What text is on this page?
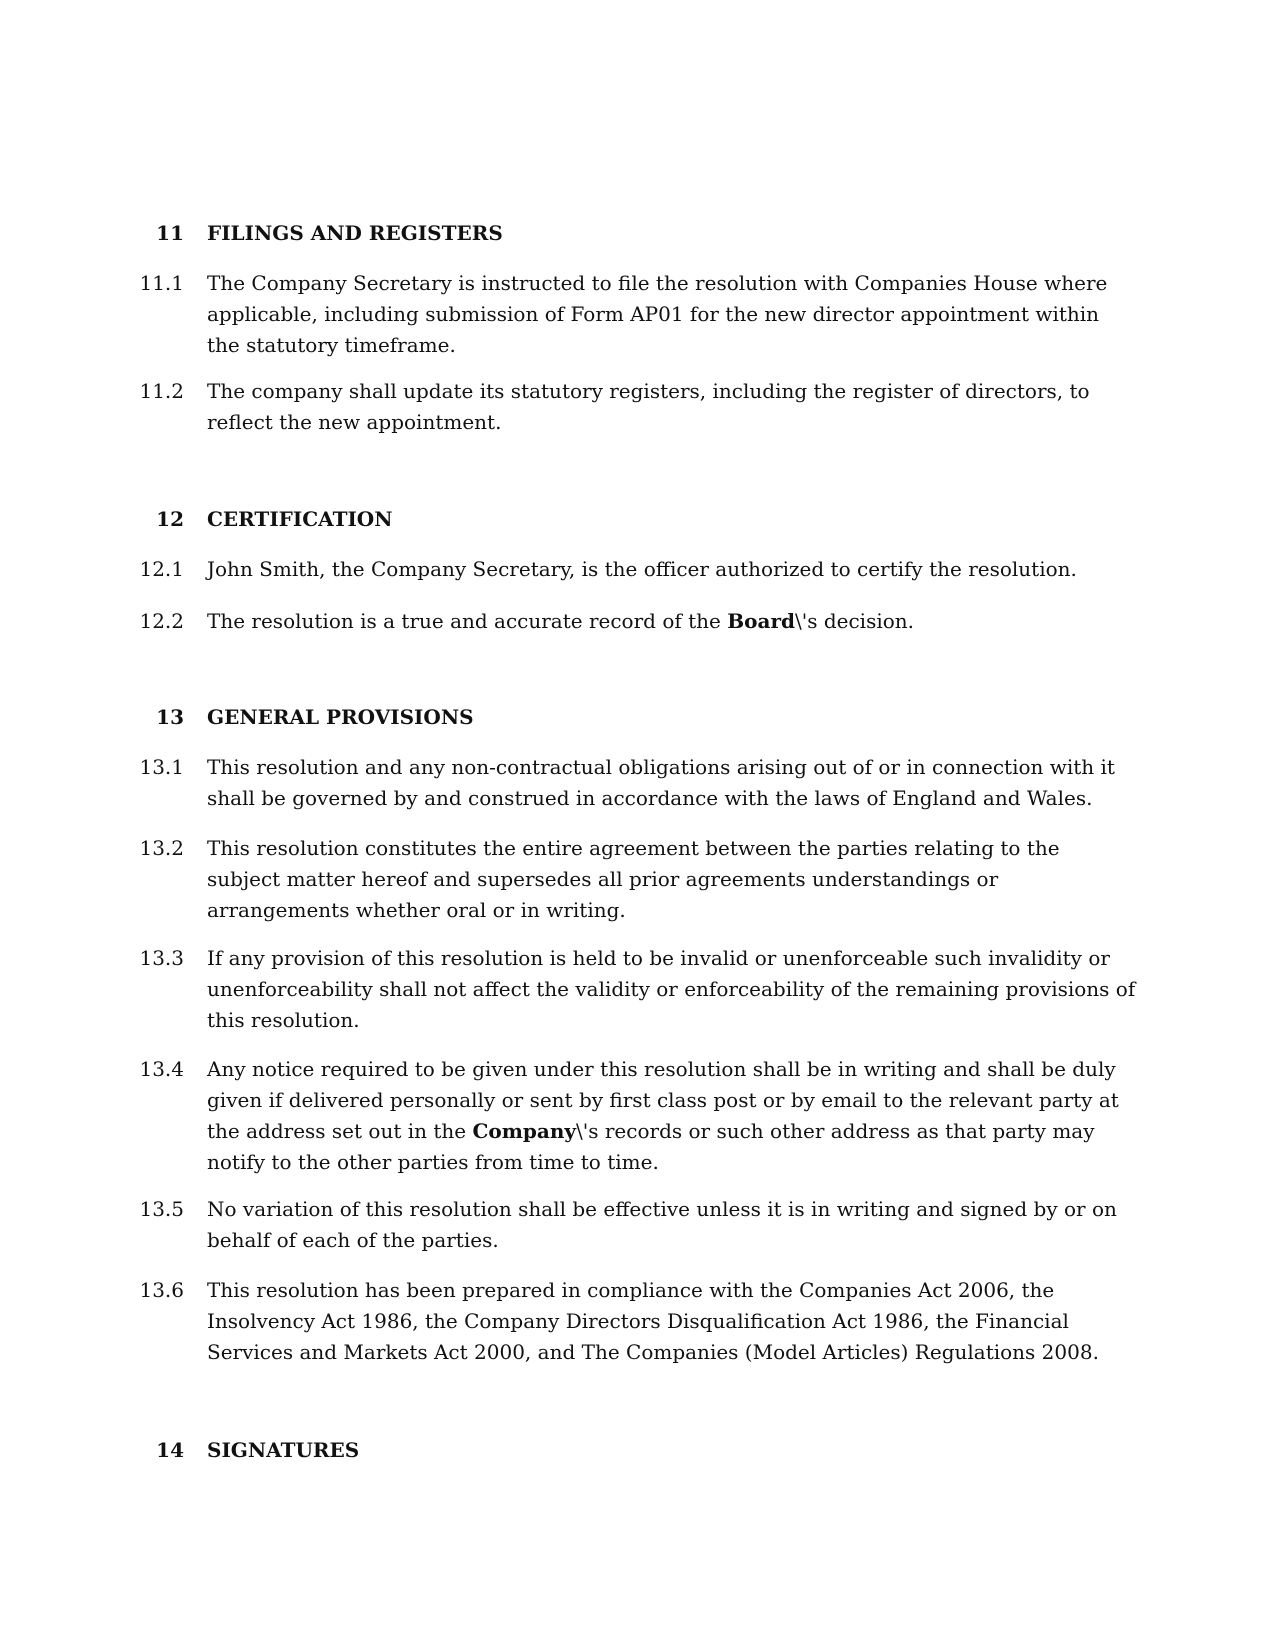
11 FILINGS AND REGISTERS
11.1 The Company Secretary is instructed to file the resolution with Companies House where applicable, including submission of Form AP01 for the new director appointment within the statutory timeframe.
11.2 The company shall update its statutory registers, including the register of directors, to reflect the new appointment.
12 CERTIFICATION
12.1 John Smith, the Company Secretary, is the officer authorized to certify the resolution.
12.2 The resolution is a true and accurate record of the Board\'s decision.
13 GENERAL PROVISIONS
13.1 This resolution and any non-contractual obligations arising out of or in connection with it shall be governed by and construed in accordance with the laws of England and Wales.
13.2 This resolution constitutes the entire agreement between the parties relating to the subject matter hereof and supersedes all prior agreements understandings or arrangements whether oral or in writing.
13.3 If any provision of this resolution is held to be invalid or unenforceable such invalidity or unenforceability shall not affect the validity or enforceability of the remaining provisions of this resolution.
13.4 Any notice required to be given under this resolution shall be in writing and shall be duly given if delivered personally or sent by first class post or by email to the relevant party at the address set out in the Company\'s records or such other address as that party may notify to the other parties from time to time.
13.5 No variation of this resolution shall be effective unless it is in writing and signed by or on behalf of each of the parties.
13.6 This resolution has been prepared in compliance with the Companies Act 2006, the Insolvency Act 1986, the Company Directors Disqualification Act 1986, the Financial Services and Markets Act 2000, and The Companies (Model Articles) Regulations 2008.
14 SIGNATURES
